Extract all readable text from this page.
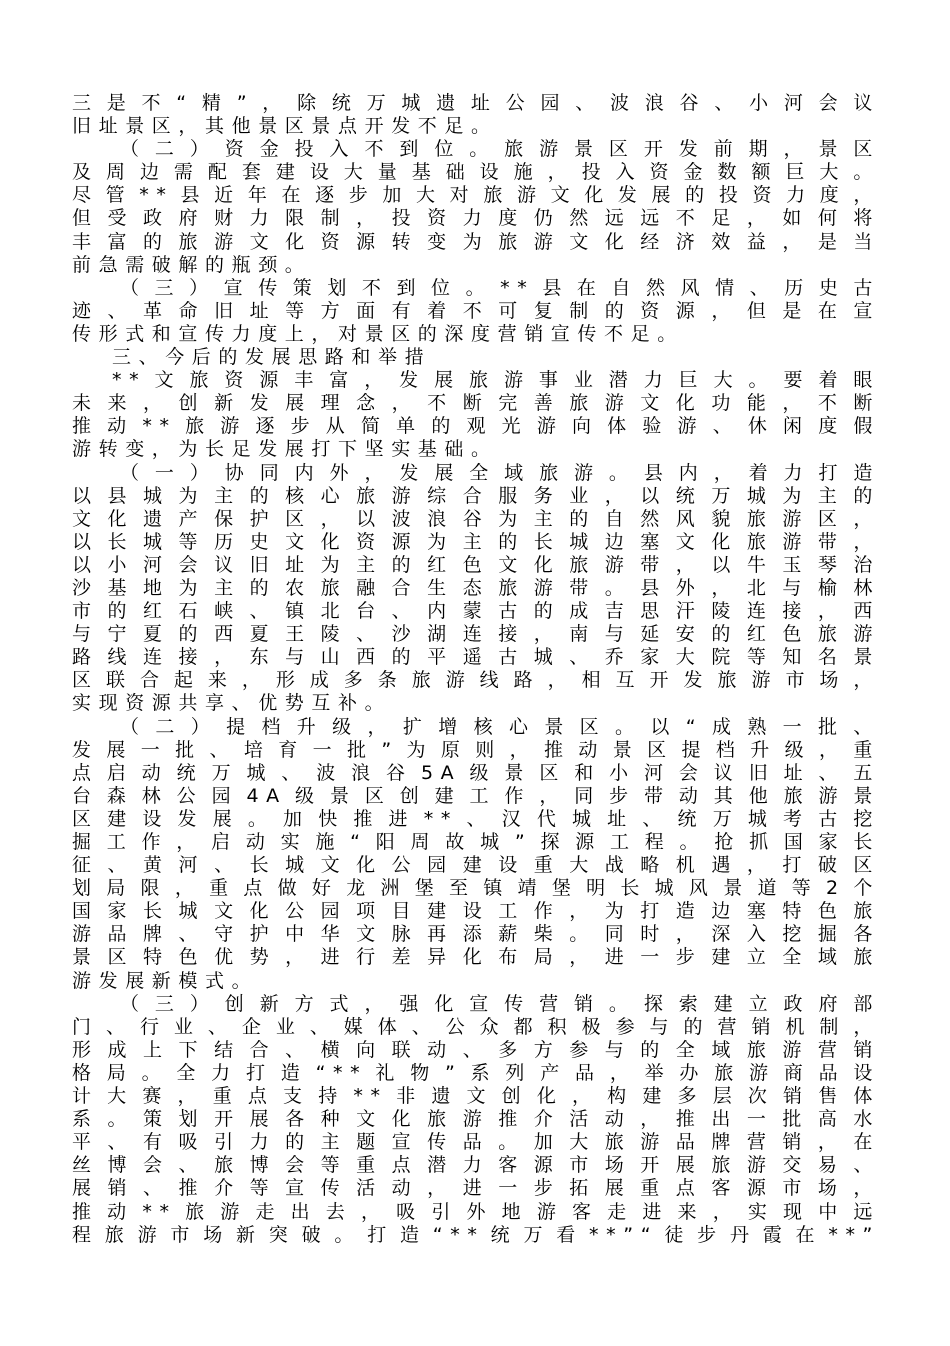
三是不“精”，除统万城遗址公园、波浪谷、小河会议
旧址景区，其他景区景点开发不足。
（二）资金投入不到位。旅游景区开发前期，景区
及周边需配套建设大量基础设施，投入资金数额巨大。
尽管**县近年在逐步加大对旅游文化发展的投资力度，
但受政府财力限制，投资力度仍然远远不足，如何将
丰富的旅游文化资源转变为旅游文化经济效益，是当
前急需破解的瓶颈。
（三）宣传策划不到位。**县在自然风情、历史古
迹、革命旧址等方面有着不可复制的资源，但是在宣
传形式和宣传力度上，对景区的深度营销宣传不足。
三、今后的发展思路和举措
**文旅资源丰富，发展旅游事业潜力巨大。要着眼
未来，创新发展理念，不断完善旅游文化功能，不断
推动**旅游逐步从简单的观光游向体验游、休闲度假
游转变，为长足发展打下坚实基础。
（一）协同内外，发展全域旅游。县内，着力打造
以县城为主的核心旅游综合服务业，以统万城为主的
文化遗产保护区，以波浪谷为主的自然风貌旅游区，
以长城等历史文化资源为主的长城边塞文化旅游带，
以小河会议旧址为主的红色文化旅游带，以牛玉琴治
沙基地为主的农旅融合生态旅游带。县外，北与榆林
市的红石峡、镇北台、内蒙古的成吉思汗陵连接，西
与宁夏的西夏王陵、沙湖连接，南与延安的红色旅游
路线连接，东与山西的平遥古城、乔家大院等知名景
区联合起来，形成多条旅游线路，相互开发旅游市场，
实现资源共享、优势互补。
（二）提档升级，扩增核心景区。以“成熟一批、
发展一批、培育一批”为原则，推动景区提档升级，重
点启动统万城、波浪谷5A级景区和小河会议旧址、五
台森林公园4A级景区创建工作，同步带动其他旅游景
区建设发展。加快推进**、汉代城址、统万城考古挖
掘工作，启动实施“阳周故城”探源工程。抢抓国家长
征、黄河、长城文化公园建设重大战略机遇，打破区
划局限，重点做好龙洲堡至镇靖堡明长城风景道等2个
国家长城文化公园项目建设工作，为打造边塞特色旅
游品牌、守护中华文脉再添薪柴。同时，深入挖掘各
景区特色优势，进行差异化布局，进一步建立全域旅
游发展新模式。
（三）创新方式，强化宣传营销。探索建立政府部
门、行业、企业、媒体、公众都积极参与的营销机制，
形成上下结合、横向联动、多方参与的全域旅游营销
格局。全力打造“**礼物”系列产品，举办旅游商品设
计大赛，重点支持**非遗文创化，构建多层次销售体
系。策划开展各种文化旅游推介活动，推出一批高水
平、有吸引力的主题宣传品。加大旅游品牌营销，在
丝博会、旅博会等重点潜力客源市场开展旅游交易、
展销、推介等宣传活动，进一步拓展重点客源市场，
推动**旅游走出去，吸引外地游客走进来，实现中远
程旅游市场新突破。打造“**统万看**”“徒步丹霞在**”
